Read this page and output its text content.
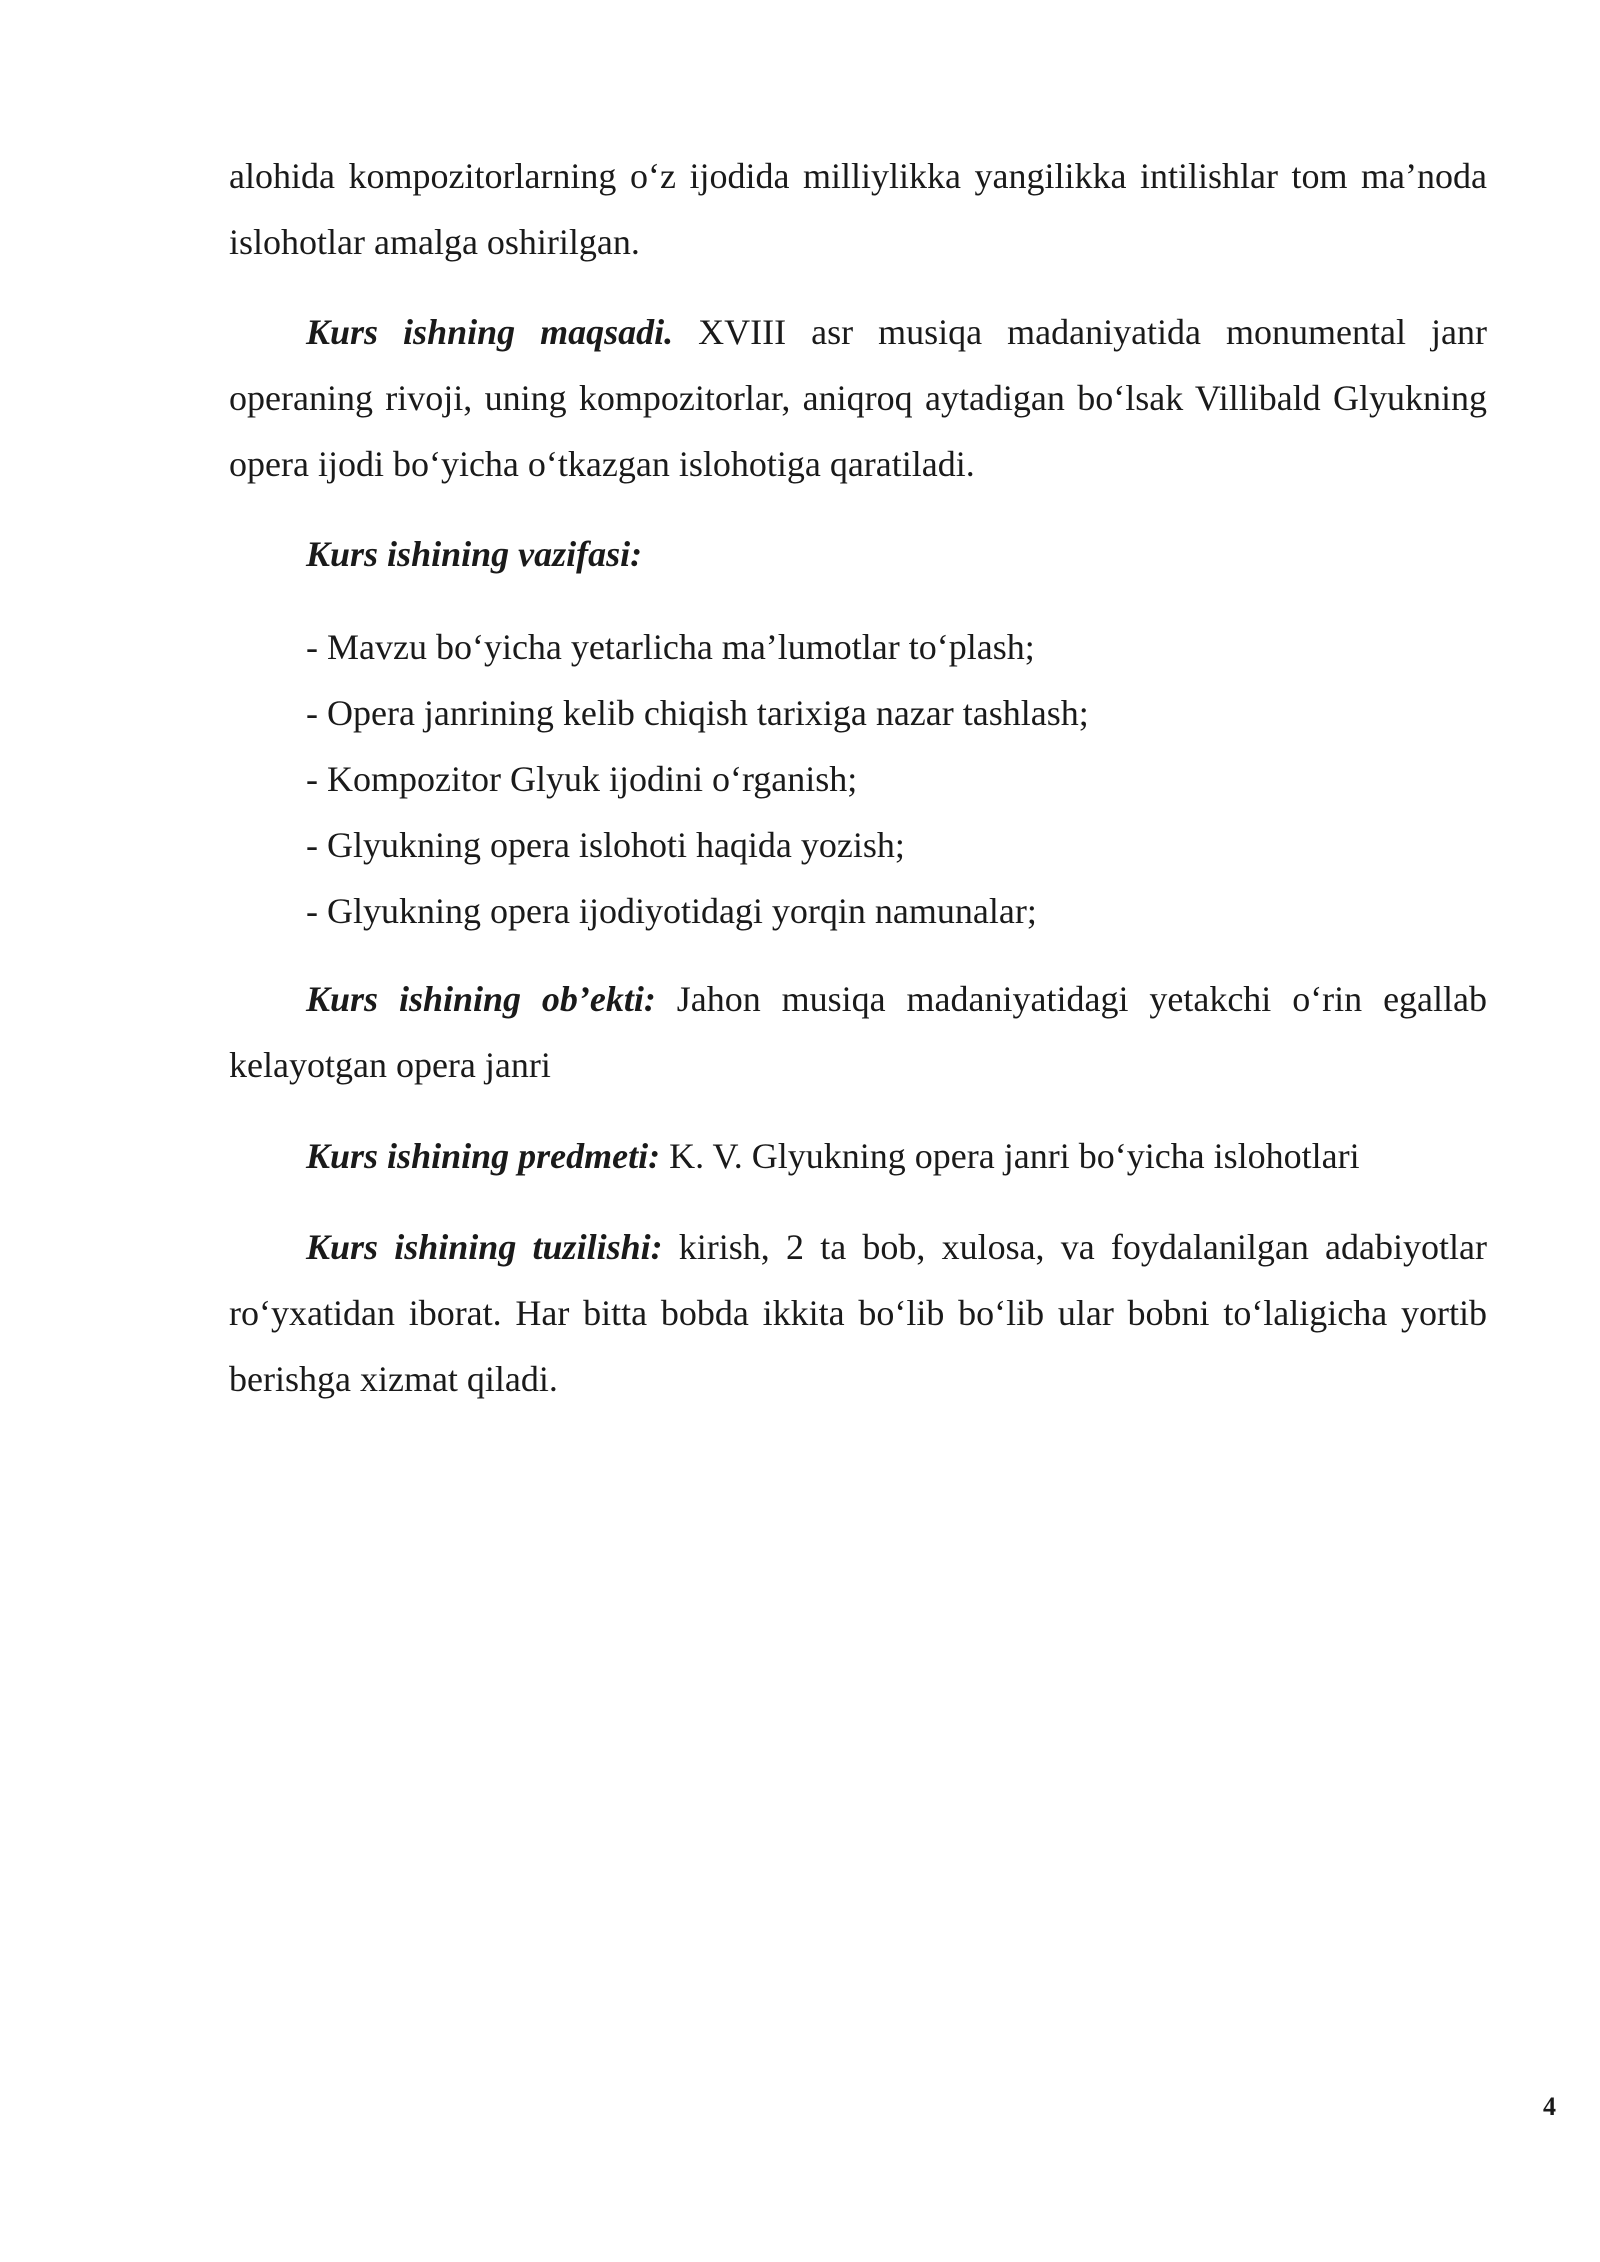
alohida kompozitorlarning o‘z ijodida milliylikka yangilikka intilishlar tom ma’noda islohotlar amalga oshirilgan.

Kurs ishning maqsadi. XVIII asr musiqa madaniyatida monumental janr operaning rivoji, uning kompozitorlar, aniqroq aytadigan bo‘lsak Villibald Glyukning opera ijodi bo‘yicha o‘tkazgan islohotiga qaratiladi.

Kurs ishining vazifasi:

- Mavzu bo‘yicha yetarlicha ma’lumotlar to‘plash;
- Opera janrining kelib chiqish tarixiga nazar tashlash;
- Kompozitor Glyuk ijodini o‘rganish;
- Glyukning opera islohoti haqida yozish;
- Glyukning opera ijodiyotidagi yorqin namunalar;

Kurs ishining ob’ekti: Jahon musiqa madaniyatidagi yetakchi o‘rin egallab kelayotgan opera janri

Kurs ishining predmeti: K. V. Glyukning opera janri bo‘yicha islohotlari

Kurs ishining tuzilishi: kirish, 2 ta bob, xulosa, va foydalanilgan adabiyotlar ro‘yxatidan iborat. Har bitta bobda ikkita bo‘lib bo‘lib ular bobni to‘laligicha yortib berishga xizmat qiladi.

4
